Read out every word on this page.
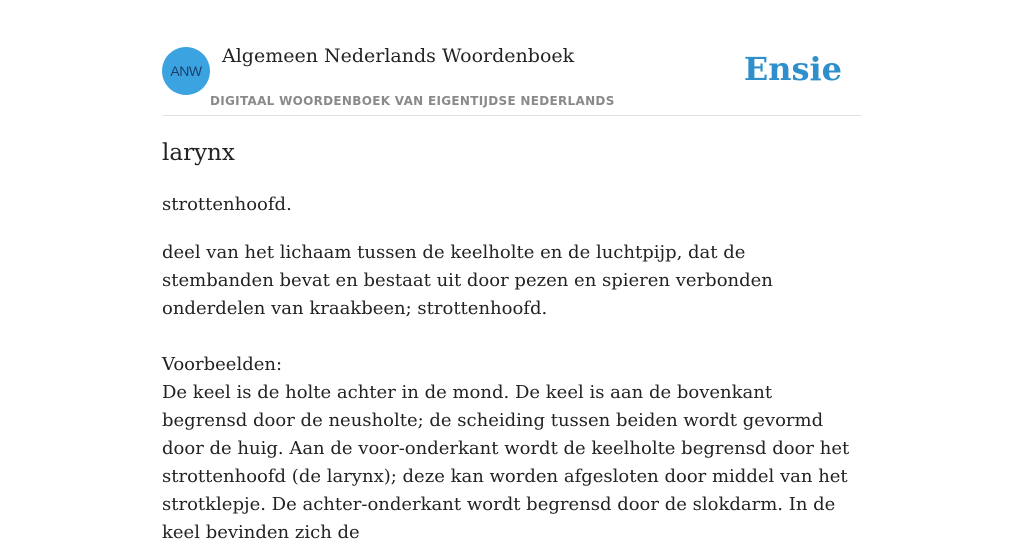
ANW
Algemeen Nederlands Woordenboek
DIGITAAL WOORDENBOEK VAN EIGENTIJDSE NEDERLANDS
Ensie
larynx

strottenhoofd.

deel van het lichaam tussen de keelholte en de luchtpijp, dat de stembanden bevat en bestaat uit door pezen en spieren verbonden onderdelen van kraakbeen; strottenhoofd.

Voorbeelden:

De keel is de holte achter in de mond. De keel is aan de bovenkant begrensd door de neusholte; de scheiding tussen beiden wordt gevormd door de huig. Aan de voor-onderkant wordt de keelholte begrensd door het strottenhoofd (de larynx); deze kan worden afgesloten door middel van het strotklepje. De achter-onderkant wordt begrensd door de slokdarm. In de keel bevinden zich de
